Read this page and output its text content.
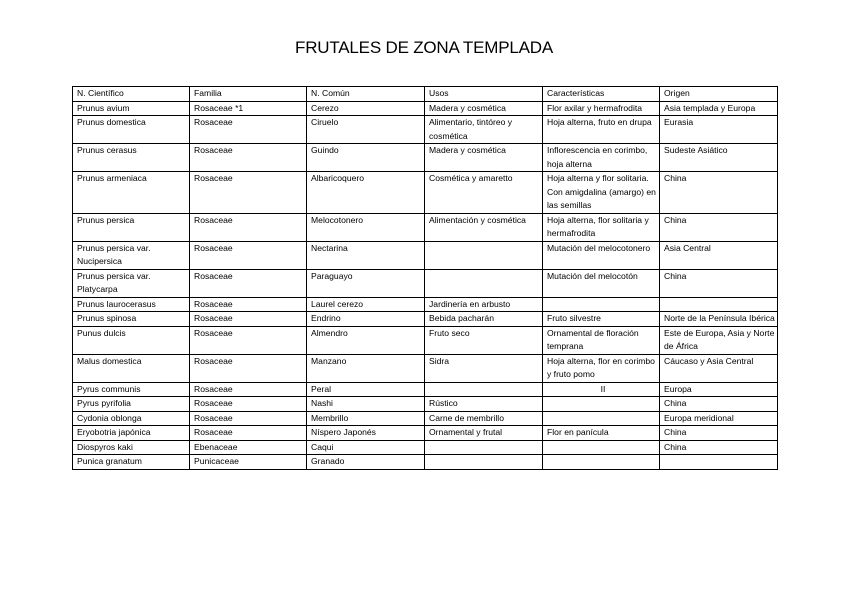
FRUTALES DE ZONA TEMPLADA
N. Científico	Familia	N. Común	Usos	Características	Origen
Prunus avium	Rosaceae *1	Cerezo	Madera y cosmética	Flor axilar y hermafrodita	Asia templada y Europa
Prunus domestica	Rosaceae	Ciruelo	Alimentario, tintóreo y cosmética	Hoja alterna, fruto en drupa	Eurasia
Prunus cerasus	Rosaceae	Guindo	Madera y cosmética	Inflorescencia en corimbo, hoja alterna	Sudeste Asiático
Prunus armeniaca	Rosaceae	Albaricoquero	Cosmética y amaretto	Hoja alterna y flor solitaria. Con amigdalina (amargo) en las semillas	China
Prunus persica	Rosaceae	Melocotonero	Alimentación y cosmética	Hoja alterna, flor solitaria y hermafrodita	China
Prunus persica var. Nucipersica	Rosaceae	Nectarina		Mutación del melocotonero	Asia Central
Prunus persica var. Platycarpa	Rosaceae	Paraguayo		Mutación del melocotón	China
Prunus laurocerasus	Rosaceae	Laurel cerezo	Jardinería en arbusto		
Prunus spinosa	Rosaceae	Endrino	Bebida pacharán	Fruto silvestre	Norte de la Península Ibérica
Punus dulcis	Rosaceae	Almendro	Fruto seco	Ornamental de floración temprana	Este de Europa, Asia y Norte de África
Malus domestica	Rosaceae	Manzano	Sidra	Hoja alterna, flor en corimbo y fruto pomo	Cáucaso y Asia Central
Pyrus communis	Rosaceae	Peral		II	Europa
Pyrus pyrifolia	Rosaceae	Nashi	Rústico		China
Cydonia oblonga	Rosaceae	Membrillo	Carne de membrillo		Europa meridional
Eryobotria japónica	Rosaceae	Níspero Japonés	Ornamental y frutal	Flor en panícula	China
Diospyros kaki	Ebenaceae	Caqui			China
Punica granatum	Punicaceae	Granado			
